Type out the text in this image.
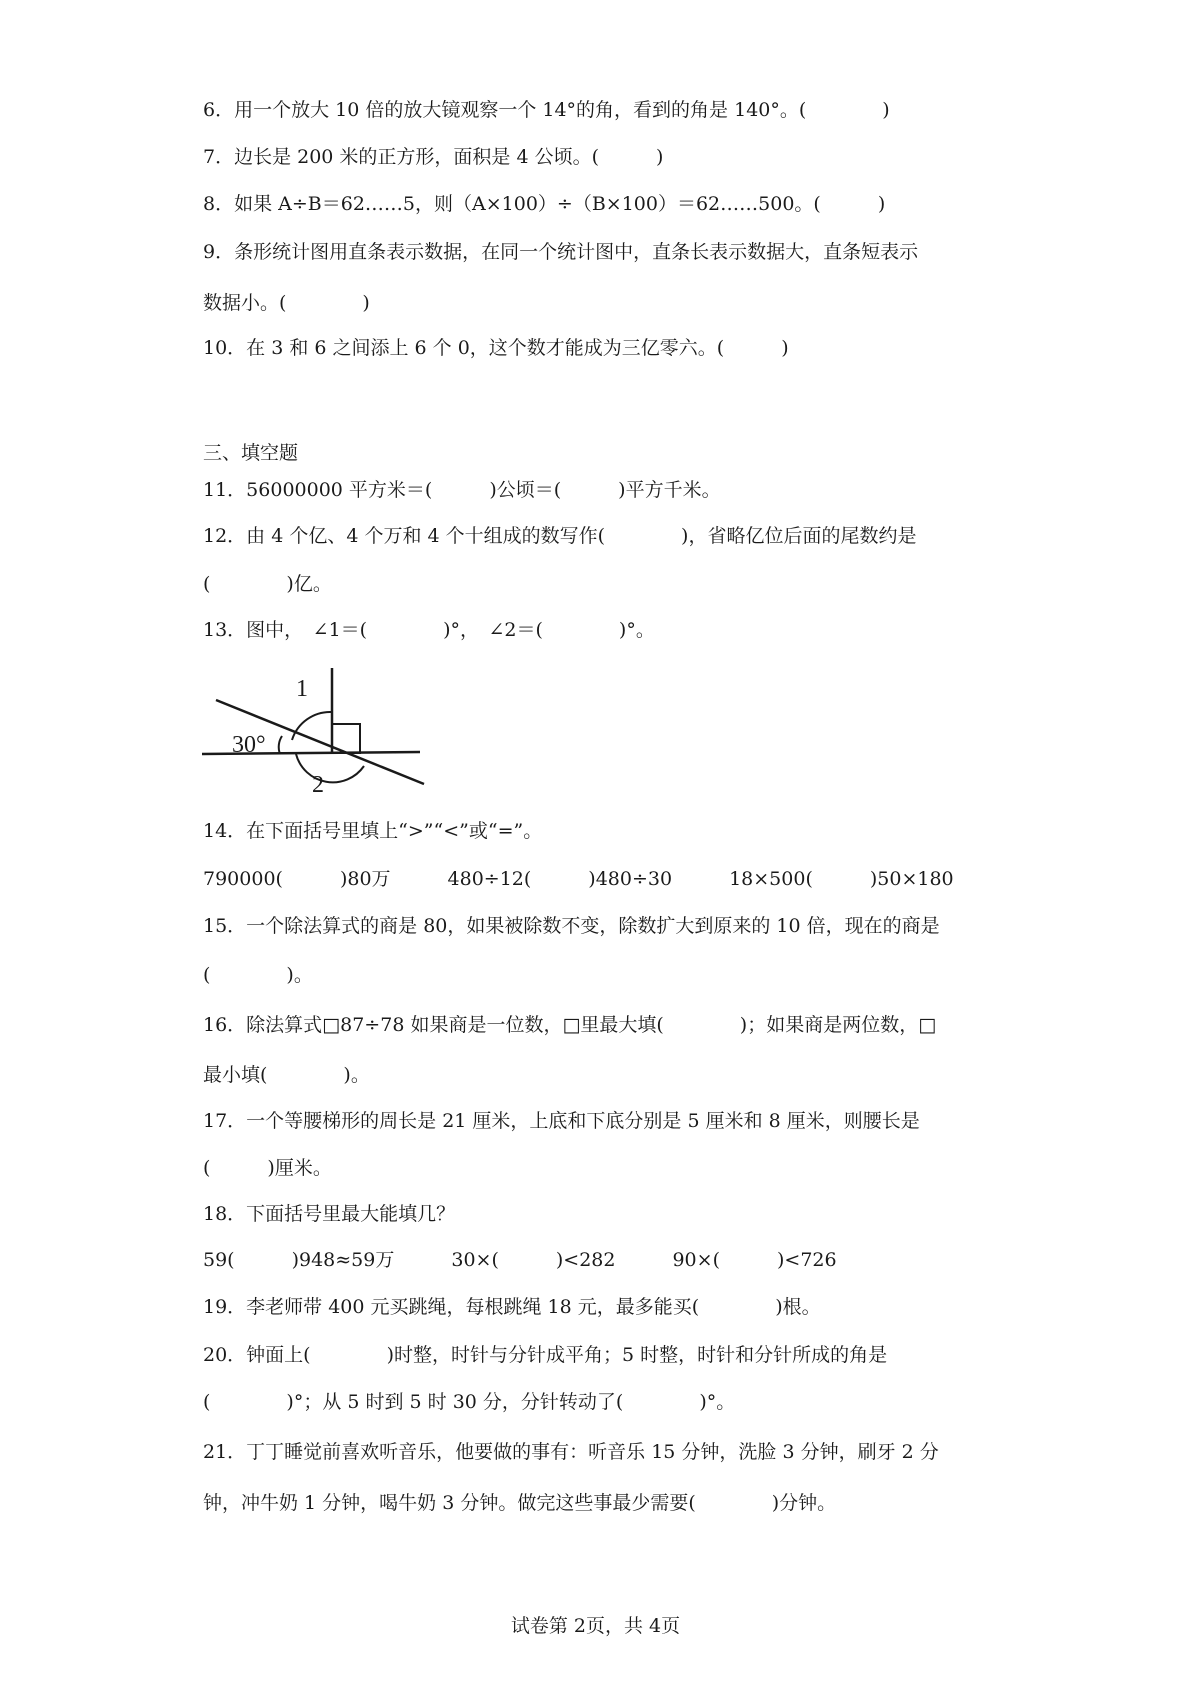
6．用一个放大 10 倍的放大镜观察一个 14°的角，看到的角是 140°。(　　　　)
7．边长是 200 米的正方形，面积是 4 公顷。(　　　)
8．如果 A÷B＝62……5，则（A×100）÷（B×100）＝62……500。(　　　)
9．条形统计图用直条表示数据，在同一个统计图中，直条长表示数据大，直条短表示
数据小。(　　　　)
10．在 3 和 6 之间添上 6 个 0，这个数才能成为三亿零六。(　　　)
三、填空题
11．56000000 平方米＝(　　　)公顷＝(　　　)平方千米。
12．由 4 个亿、4 个万和 4 个十组成的数写作(　　　　)，省略亿位后面的尾数约是
(　　　　)亿。
13．图中，　∠1＝(　　　　)°，　∠2＝(　　　　)°。
30°
1
2
14．在下面括号里填上“>”“<”或“=”。
790000(　　　)80万　　　480÷12(　　　)480÷30　　　18×500(　　　)50×180
15．一个除法算式的商是 80，如果被除数不变，除数扩大到原来的 10 倍，现在的商是
(　　　　)。
16．除法算式□87÷78 如果商是一位数，□里最大填(　　　　)；如果商是两位数，□
最小填(　　　　)。
17．一个等腰梯形的周长是 21 厘米，上底和下底分别是 5 厘米和 8 厘米，则腰长是
(　　　)厘米。
18．下面括号里最大能填几？
59(　　　)948≈59万　　　30×(　　　)<282　　　90×(　　　)<726
19．李老师带 400 元买跳绳，每根跳绳 18 元，最多能买(　　　　)根。
20．钟面上(　　　　)时整，时针与分针成平角；5 时整，时针和分针所成的角是
(　　　　)°；从 5 时到 5 时 30 分，分针转动了(　　　　)°。
21．丁丁睡觉前喜欢听音乐，他要做的事有：听音乐 15 分钟，洗脸 3 分钟，刷牙 2 分
钟，冲牛奶 1 分钟，喝牛奶 3 分钟。做完这些事最少需要(　　　　)分钟。
试卷第 2页，共 4页
